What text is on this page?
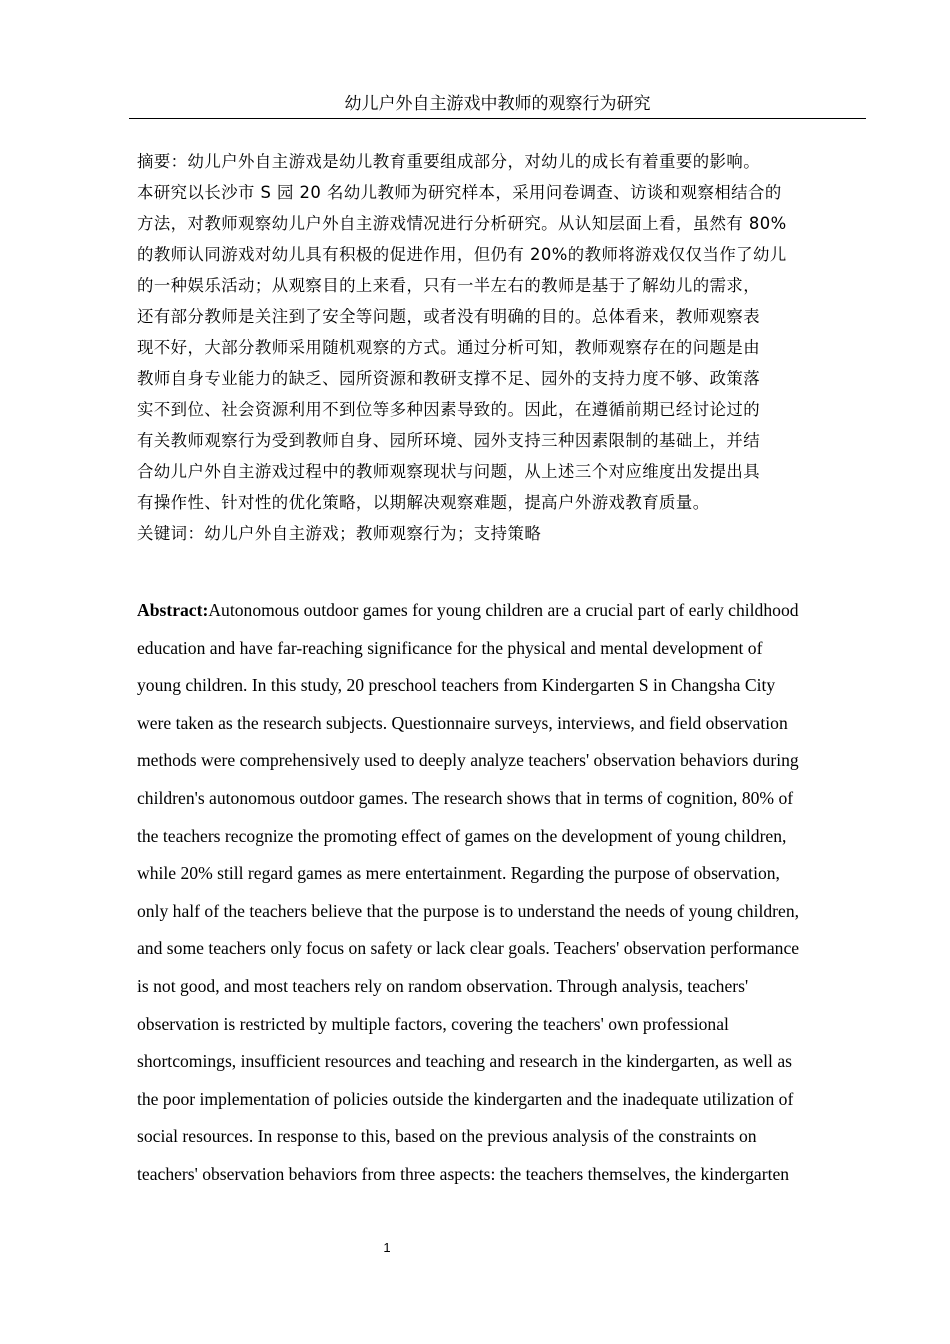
幼儿户外自主游戏中教师的观察行为研究
摘要：幼儿户外自主游戏是幼儿教育重要组成部分，对幼儿的成长有着重要的影响。
本研究以长沙市 S 园 20 名幼儿教师为研究样本，采用问卷调查、访谈和观察相结合的
方法，对教师观察幼儿户外自主游戏情况进行分析研究。从认知层面上看，虽然有 80%
的教师认同游戏对幼儿具有积极的促进作用，但仍有 20%的教师将游戏仅仅当作了幼儿
的一种娱乐活动；从观察目的上来看，只有一半左右的教师是基于了解幼儿的需求，
还有部分教师是关注到了安全等问题，或者没有明确的目的。总体看来，教师观察表
现不好，大部分教师采用随机观察的方式。通过分析可知，教师观察存在的问题是由
教师自身专业能力的缺乏、园所资源和教研支撑不足、园外的支持力度不够、政策落
实不到位、社会资源利用不到位等多种因素导致的。因此，在遵循前期已经讨论过的
有关教师观察行为受到教师自身、园所环境、园外支持三种因素限制的基础上，并结
合幼儿户外自主游戏过程中的教师观察现状与问题，从上述三个对应维度出发提出具
有操作性、针对性的优化策略，以期解决观察难题，提高户外游戏教育质量。
关键词：幼儿户外自主游戏；教师观察行为；支持策略
Abstract:Autonomous outdoor games for young children are a crucial part of early childhood
education and have far-reaching significance for the physical and mental development of
young children. In this study, 20 preschool teachers from Kindergarten S in Changsha City
were taken as the research subjects. Questionnaire surveys, interviews, and field observation
methods were comprehensively used to deeply analyze teachers' observation behaviors during
children's autonomous outdoor games. The research shows that in terms of cognition, 80% of
the teachers recognize the promoting effect of games on the development of young children,
while 20% still regard games as mere entertainment. Regarding the purpose of observation,
only half of the teachers believe that the purpose is to understand the needs of young children,
and some teachers only focus on safety or lack clear goals. Teachers' observation performance
is not good, and most teachers rely on random observation. Through analysis, teachers'
observation is restricted by multiple factors, covering the teachers' own professional
shortcomings, insufficient resources and teaching and research in the kindergarten, as well as
the poor implementation of policies outside the kindergarten and the inadequate utilization of
social resources. In response to this, based on the previous analysis of the constraints on
teachers' observation behaviors from three aspects: the teachers themselves, the kindergarten
1
